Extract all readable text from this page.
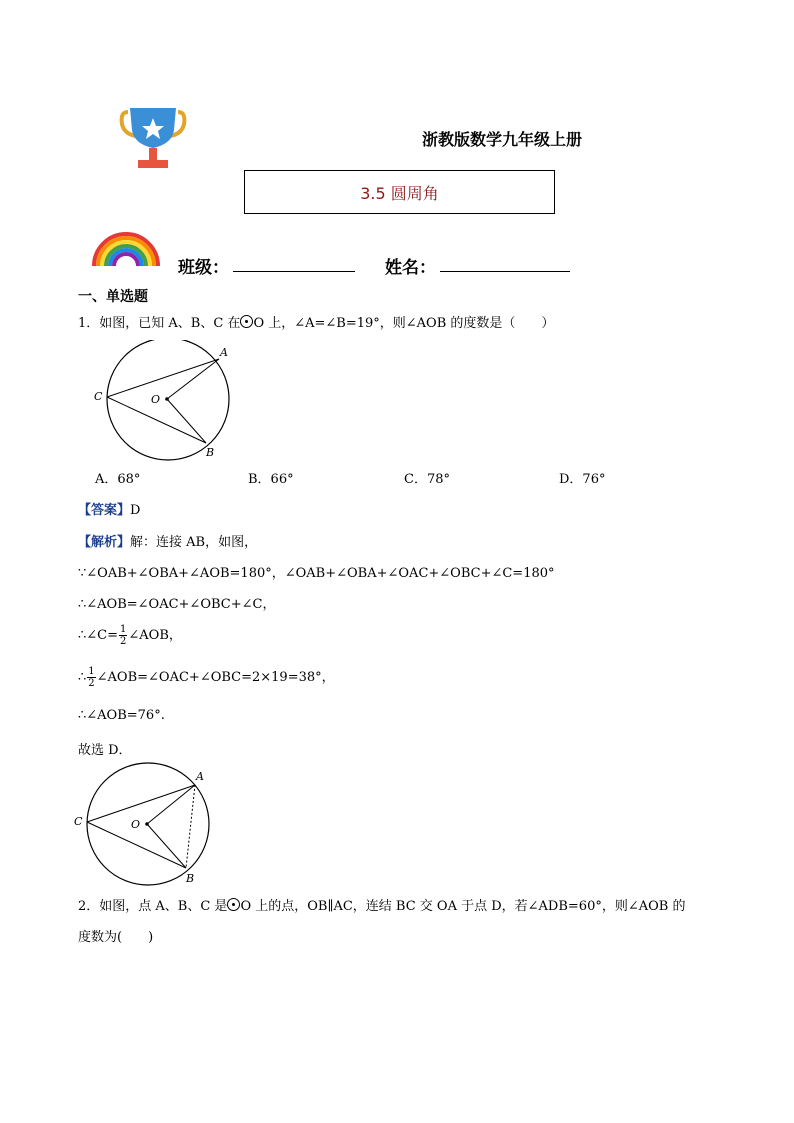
浙教版数学九年级上册
3.5 圆周角
班级：	姓名：
一、单选题
1．如图，已知 A、B、C 在 O 上，∠A=∠B=19°，则∠AOB 的度数是（　　）
A
B
C	O
A．68°	B．66°	C．78°	D．76°
【答案】D
【解析】解：连接 AB，如图，
∵∠OAB+∠OBA+∠AOB=180°，∠OAB+∠OBA+∠OAC+∠OBC+∠C=180°
∴∠AOB=∠OAC+∠OBC+∠C，
∴∠C= $\frac{1}{2}$ ∠AOB，
∴ $\frac{1}{2}$ ∠AOB=∠OAC+∠OBC=2×19=38°，
∴∠AOB=76°.
故选 D．
A
B
C	O
2．如图，点 A、B、C 是 O 上的点，OB∥AC，连结 BC 交 OA 于点 D，若∠ADB=60°，则∠AOB 的
度数为(　　)
